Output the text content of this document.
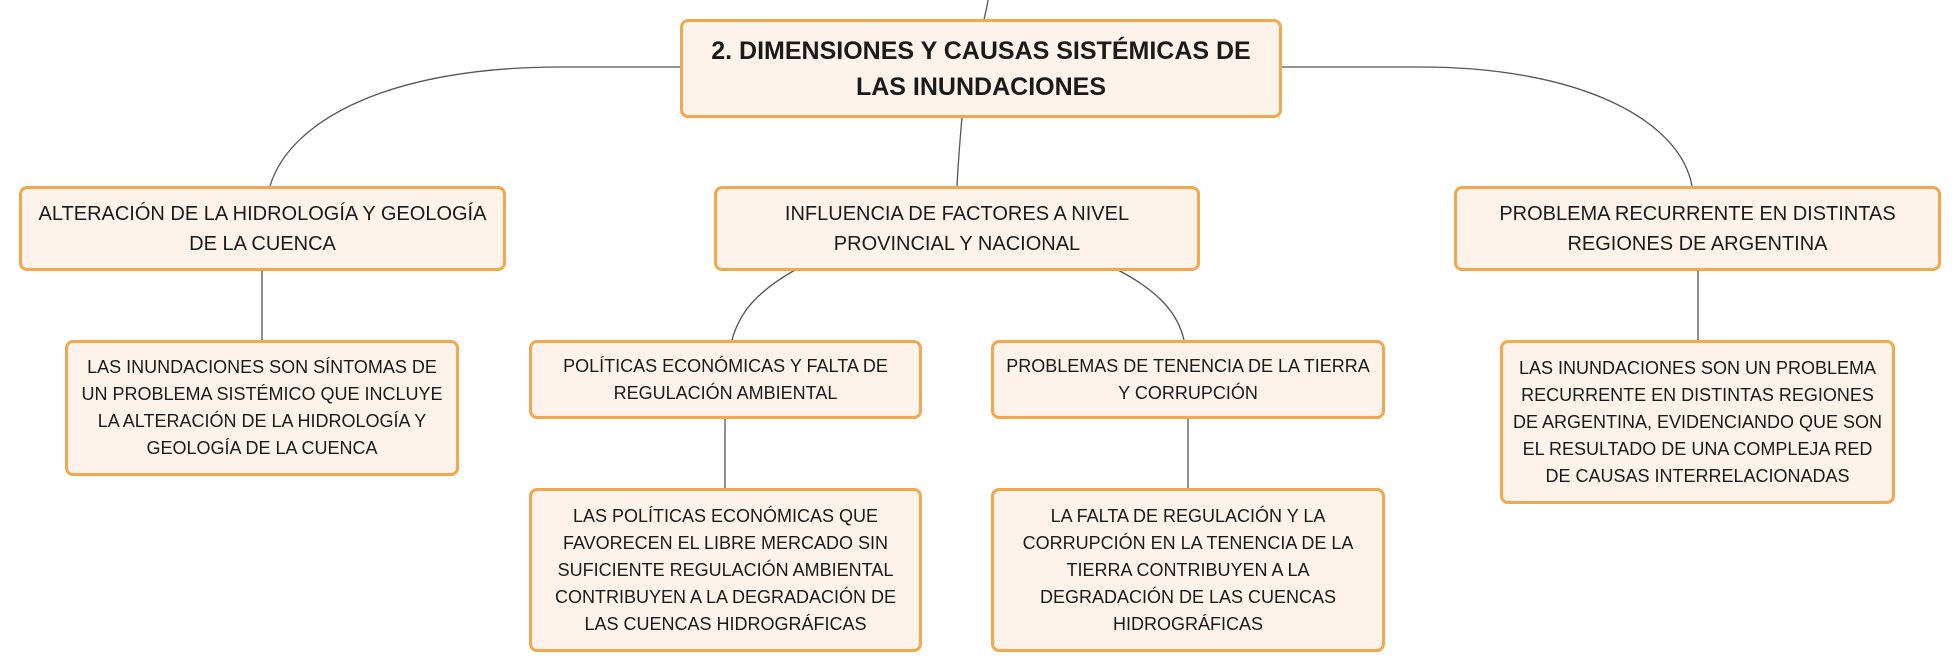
2. DIMENSIONES Y CAUSAS SISTÉMICAS DE LAS INUNDACIONES
ALTERACIÓN DE LA HIDROLOGÍA Y GEOLOGÍA DE LA CUENCA
INFLUENCIA DE FACTORES A NIVEL PROVINCIAL Y NACIONAL
PROBLEMA RECURRENTE EN DISTINTAS REGIONES DE ARGENTINA
LAS INUNDACIONES SON SÍNTOMAS DE UN PROBLEMA SISTÉMICO QUE INCLUYE LA ALTERACIÓN DE LA HIDROLOGÍA Y GEOLOGÍA DE LA CUENCA
POLÍTICAS ECONÓMICAS Y FALTA DE REGULACIÓN AMBIENTAL
PROBLEMAS DE TENENCIA DE LA TIERRA Y CORRUPCIÓN
LAS INUNDACIONES SON UN PROBLEMA RECURRENTE EN DISTINTAS REGIONES DE ARGENTINA, EVIDENCIANDO QUE SON EL RESULTADO DE UNA COMPLEJA RED DE CAUSAS INTERRELACIONADAS
LAS POLÍTICAS ECONÓMICAS QUE FAVORECEN EL LIBRE MERCADO SIN SUFICIENTE REGULACIÓN AMBIENTAL CONTRIBUYEN A LA DEGRADACIÓN DE LAS CUENCAS HIDROGRÁFICAS
LA FALTA DE REGULACIÓN Y LA CORRUPCIÓN EN LA TENENCIA DE LA TIERRA CONTRIBUYEN A LA DEGRADACIÓN DE LAS CUENCAS HIDROGRÁFICAS
